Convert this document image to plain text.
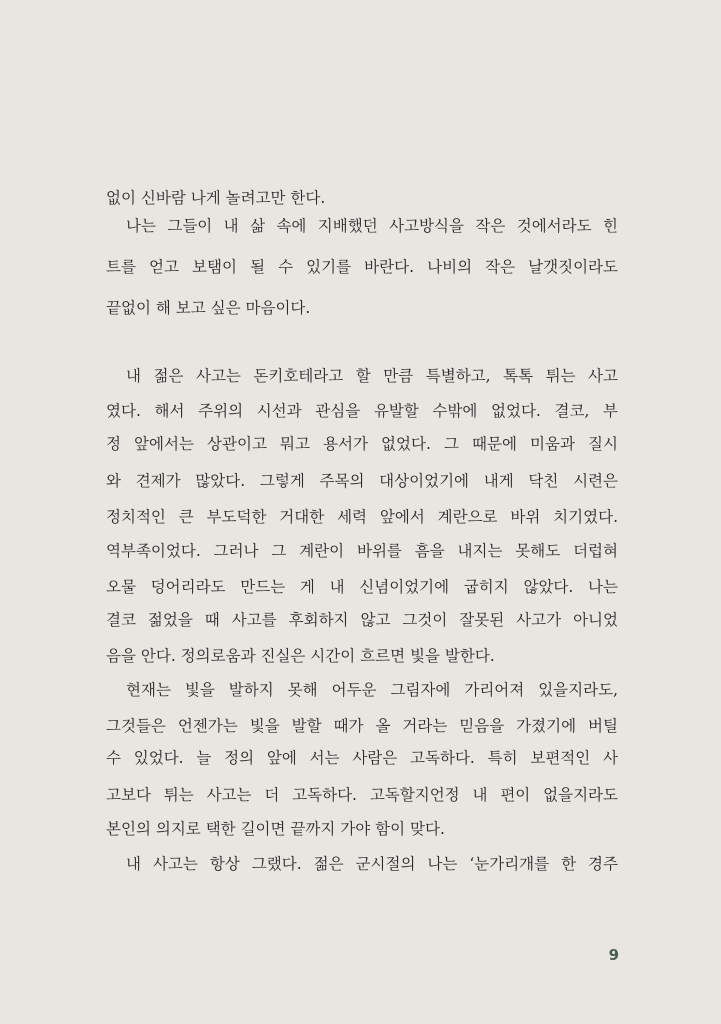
없이 신바람 나게 놀려고만 한다.
나는 그들이 내 삶 속에 지배했던 사고방식을 작은 것에서라도 힌
트를 얻고 보탬이 될 수 있기를 바란다. 나비의 작은 날갯짓이라도
끝없이 해 보고 싶은 마음이다.
내 젊은 사고는 돈키호테라고 할 만큼 특별하고, 톡톡 튀는 사고
였다. 해서 주위의 시선과 관심을 유발할 수밖에 없었다. 결코, 부
정 앞에서는 상관이고 뭐고 용서가 없었다. 그 때문에 미움과 질시
와 견제가 많았다. 그렇게 주목의 대상이었기에 내게 닥친 시련은
정치적인 큰 부도덕한 거대한 세력 앞에서 계란으로 바위 치기였다.
역부족이었다. 그러나 그 계란이 바위를 흠을 내지는 못해도 더럽혀
오물 덩어리라도 만드는 게 내 신념이었기에 굽히지 않았다. 나는
결코 젊었을 때 사고를 후회하지 않고 그것이 잘못된 사고가 아니었
음을 안다. 정의로움과 진실은 시간이 흐르면 빛을 발한다.
현재는 빛을 발하지 못해 어두운 그림자에 가리어져 있을지라도,
그것들은 언젠가는 빛을 발할 때가 올 거라는 믿음을 가졌기에 버틸
수 있었다. 늘 정의 앞에 서는 사람은 고독하다. 특히 보편적인 사
고보다 튀는 사고는 더 고독하다. 고독할지언정 내 편이 없을지라도
본인의 의지로 택한 길이면 끝까지 가야 함이 맞다.
내 사고는 항상 그랬다. 젊은 군시절의 나는 ‘눈가리개를 한 경주
9
